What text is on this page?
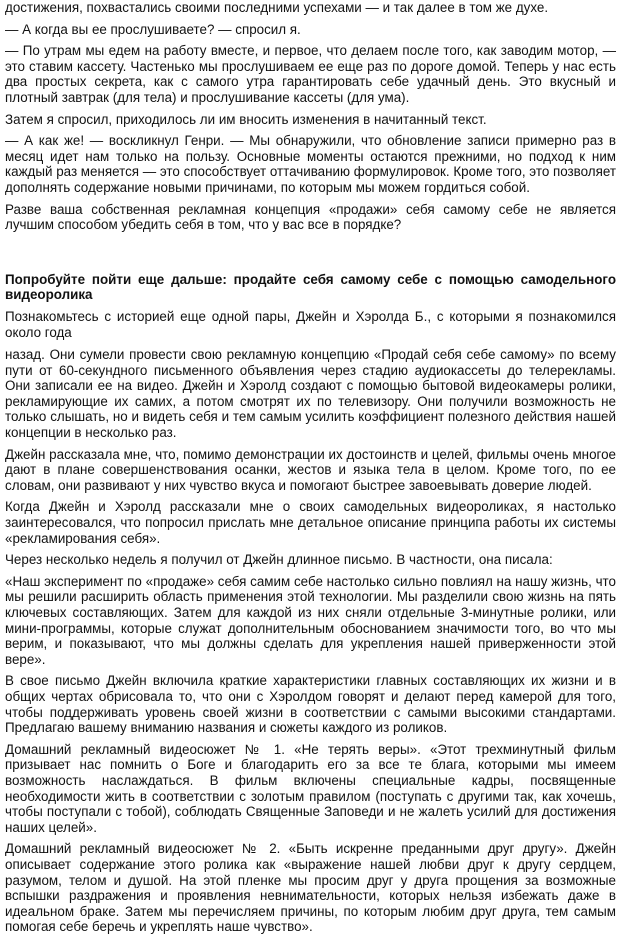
достижения, похвастались своими последними успехами — и так далее в том же духе.

— А когда вы ее прослушиваете? — спросил я.

— По утрам мы едем на работу вместе, и первое, что делаем после того, как заводим мотор, — это ставим кассету. Частенько мы прослушиваем ее еще раз по дороге домой. Теперь у нас есть два простых секрета, как с самого утра гарантировать себе удачный день. Это вкусный и плотный завтрак (для тела) и прослушивание кассеты (для ума).

Затем я спросил, приходилось ли им вносить изменения в начитанный текст.

— А как же! — воскликнул Генри. — Мы обнаружили, что обновление записи примерно раз в месяц идет нам только на пользу. Основные моменты остаются прежними, но подход к ним каждый раз меняется — это способствует оттачиванию формулировок. Кроме того, это позволяет дополнять содержание новыми причинами, по которым мы можем гордиться собой.

Разве ваша собственная рекламная концепция «продажи» себя самому себе не является лучшим способом убедить себя в том, что у вас все в порядке?

Попробуйте пойти еще дальше: продайте себя самому себе с помощью самодельного видеоролика

Познакомьтесь с историей еще одной пары, Джейн и Хэролда Б., с которыми я познакомился около года

назад. Они сумели провести свою рекламную концепцию «Продай себя себе самому» по всему пути от 60-секундного письменного объявления через стадию аудиокассеты до телерекламы. Они записали ее на видео. Джейн и Хэролд создают с помощью бытовой видеокамеры ролики, рекламирующие их самих, а потом смотрят их по телевизору. Они получили возможность не только слышать, но и видеть себя и тем самым усилить коэффициент полезного действия нашей концепции в несколько раз.

Джейн рассказала мне, что, помимо демонстрации их достоинств и целей, фильмы очень многое дают в плане совершенствования осанки, жестов и языка тела в целом. Кроме того, по ее словам, они развивают у них чувство вкуса и помогают быстрее завоевывать доверие людей.

Когда Джейн и Хэролд рассказали мне о своих самодельных видеороликах, я настолько заинтересовался, что попросил прислать мне детальное описание принципа работы их системы «рекламирования себя».

Через несколько недель я получил от Джейн длинное письмо. В частности, она писала:

«Наш эксперимент по «продаже» себя самим себе настолько сильно повлиял на нашу жизнь, что мы решили расширить область применения этой технологии. Мы разделили свою жизнь на пять ключевых составляющих. Затем для каждой из них сняли отдельные 3-минутные ролики, или мини-программы, которые служат дополнительным обоснованием значимости того, во что мы верим, и показывают, что мы должны сделать для укрепления нашей приверженности этой вере».

В свое письмо Джейн включила краткие характеристики главных составляющих их жизни и в общих чертах обрисовала то, что они с Хэролдом говорят и делают перед камерой для того, чтобы поддерживать уровень своей жизни в соответствии с самыми высокими стандартами. Предлагаю вашему вниманию названия и сюжеты каждого из роликов.

Домашний рекламный видеосюжет № 1. «Не терять веры». «Этот трехминутный фильм призывает нас помнить о Боге и благодарить его за все те блага, которыми мы имеем возможность наслаждаться. В фильм включены специальные кадры, посвященные необходимости жить в соответствии с золотым правилом (поступать с другими так, как хочешь, чтобы поступали с тобой), соблюдать Священные Заповеди и не жалеть усилий для достижения наших целей».

Домашний рекламный видеосюжет № 2. «Быть искренне преданными друг другу». Джейн описывает содержание этого ролика как «выражение нашей любви друг к другу сердцем, разумом, телом и душой. На этой пленке мы просим друг у друга прощения за возможные вспышки раздражения и проявления невнимательности, которых нельзя избежать даже в идеальном браке. Затем мы перечисляем причины, по которым любим друг друга, тем самым помогая себе беречь и укреплять наше чувство».
